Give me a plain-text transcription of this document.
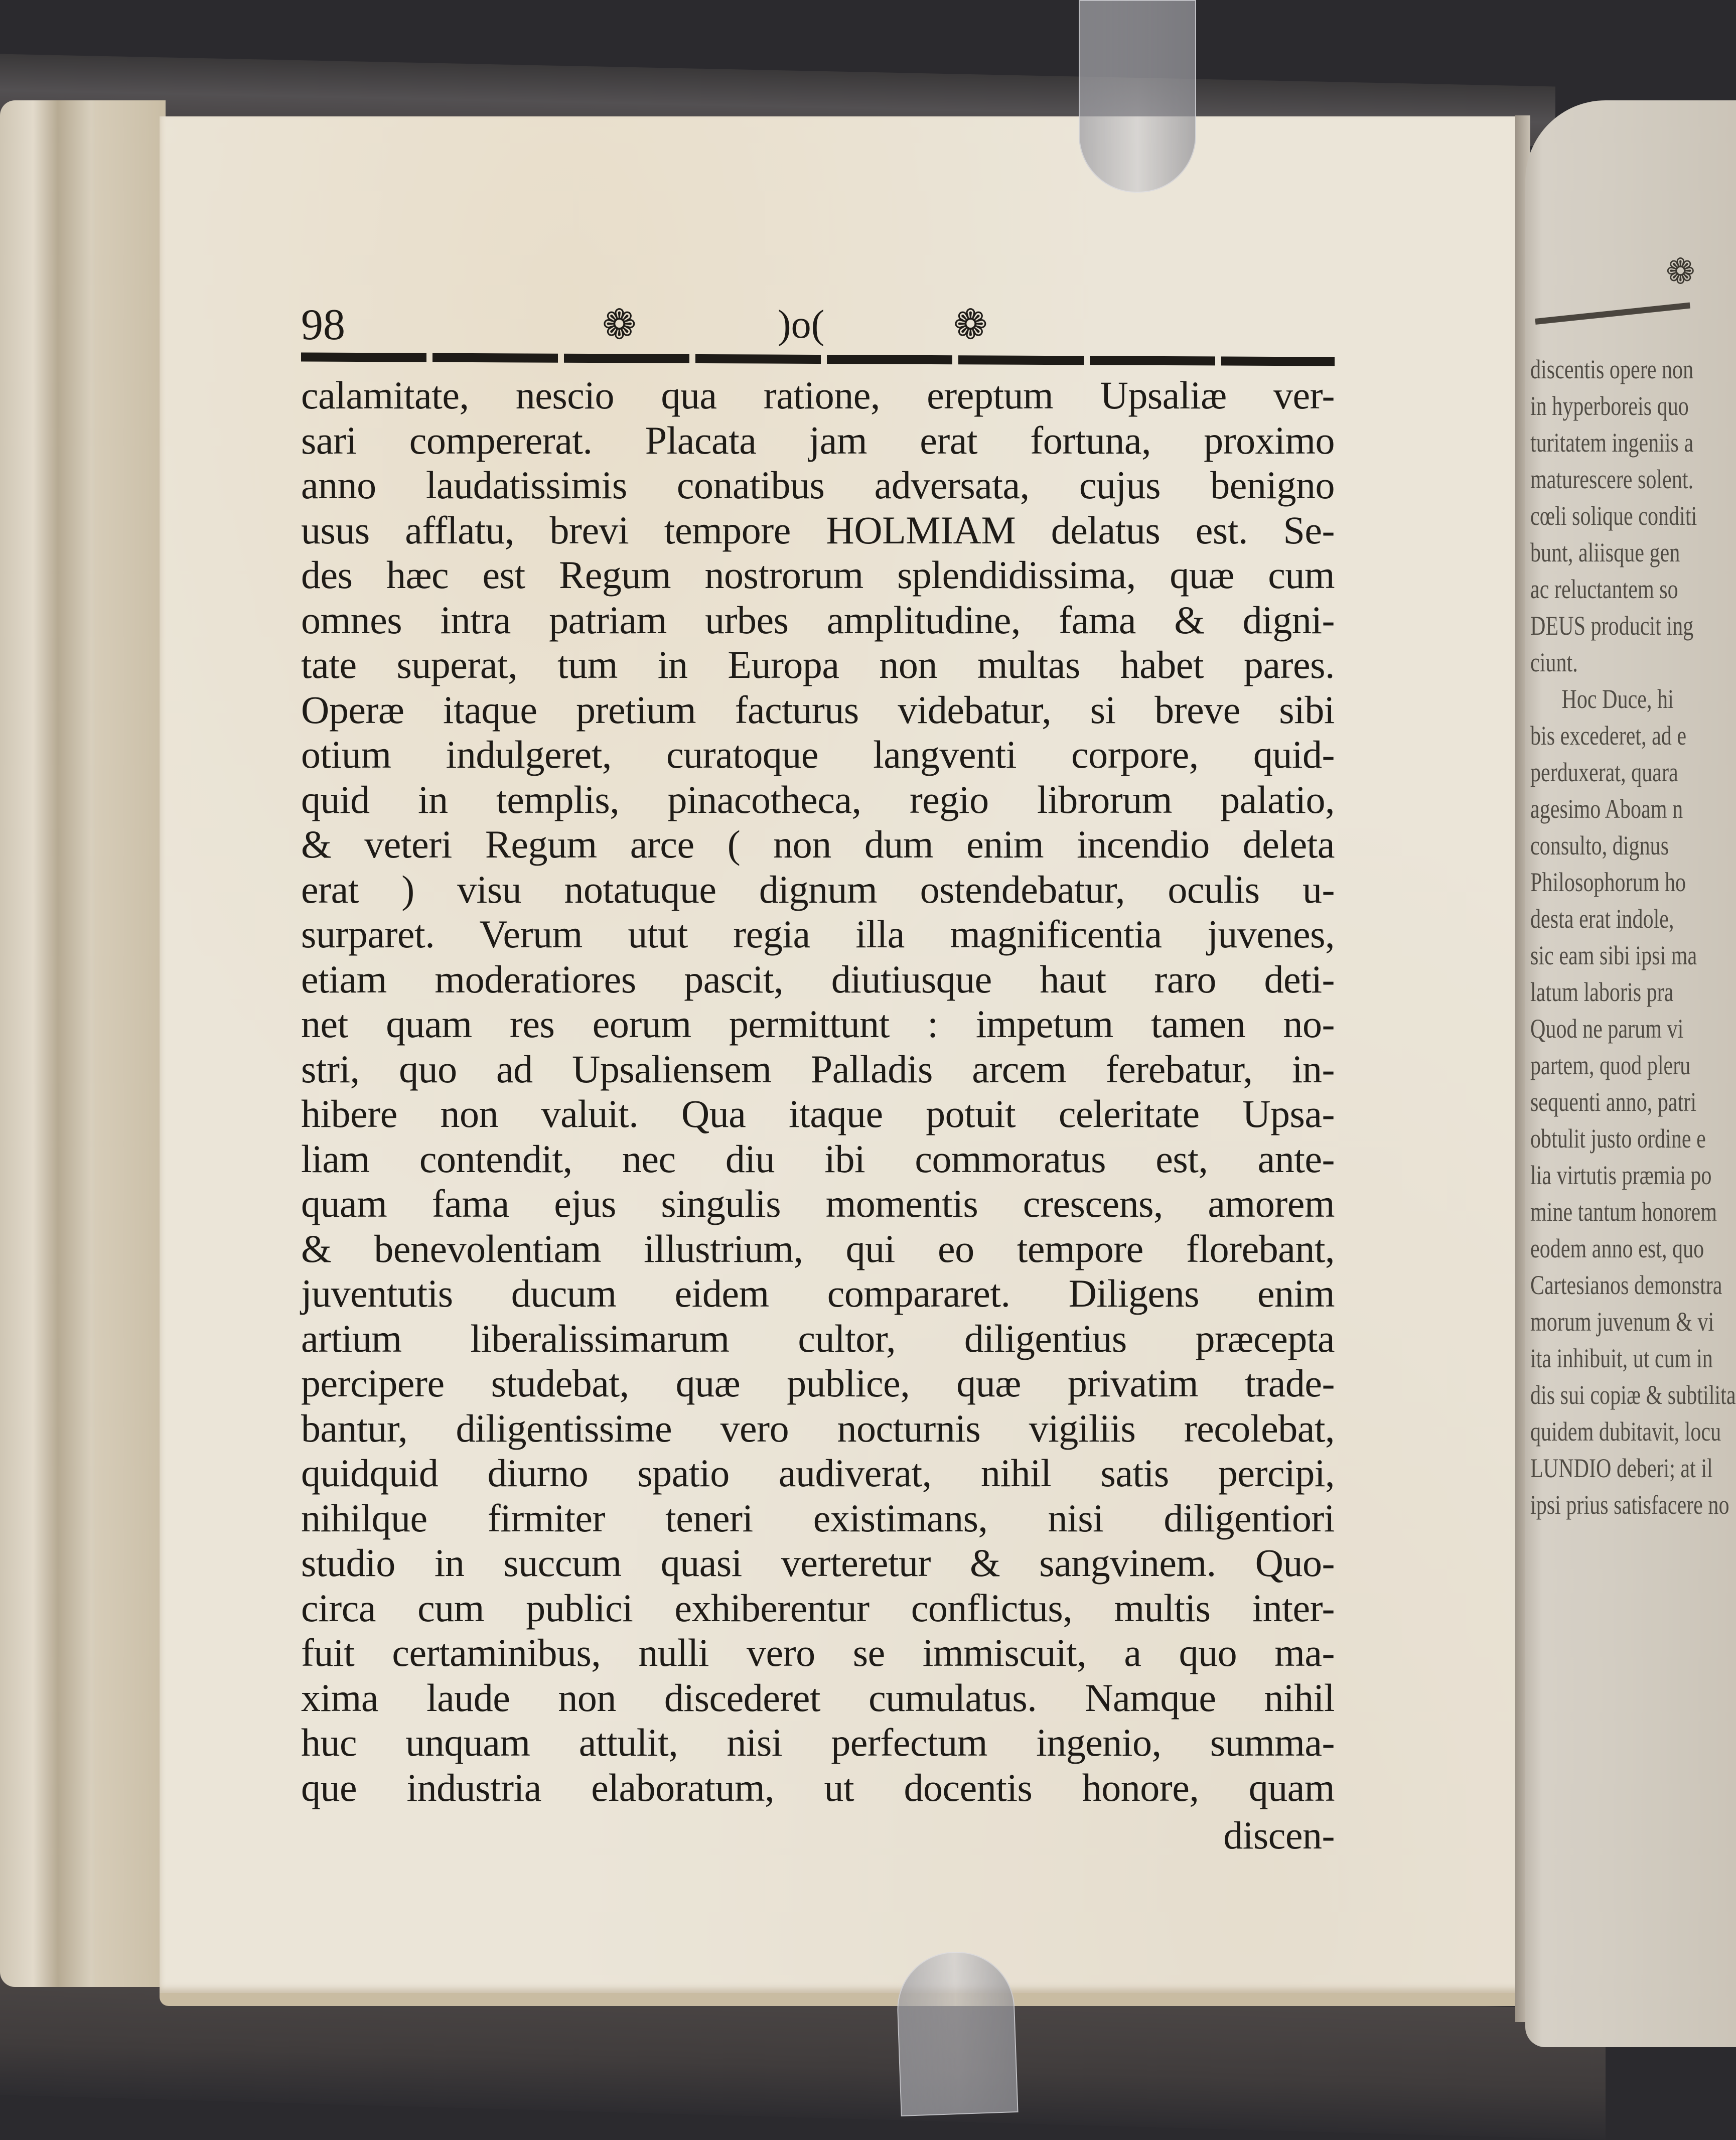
❁
discentis opere non
in hyperboreis quo
turitatem ingeniis a
maturescere solent.
cœli solique conditi
bunt, aliisque gen
ac reluctantem so
DEUS producit ing
ciunt.
Hoc Duce, hi
bis excederet, ad e
perduxerat, quara
agesimo Aboam n
consulto, dignus
Philosophorum ho
desta erat indole,
sic eam sibi ipsi ma
latum laboris pra
Quod ne parum vi
partem, quod pleru
sequenti anno, patri
obtulit justo ordine e
lia virtutis præmia po
mine tantum honorem
eodem anno est, quo
Cartesianos demonstra
morum juvenum & vi
ita inhibuit, ut cum in
dis sui copiæ & subtilita
quidem dubitavit, locu
LUNDIO deberi; at il
ipsi prius satisfacere no
98	❁	)o(	❁
calamitate, nescio qua ratione, ereptum Upsaliæ ver-
sari compererat. Placata jam erat fortuna, proximo
anno laudatissimis conatibus adversata, cujus benigno
usus afflatu, brevi tempore HOLMIAM delatus est. Se-
des hæc est Regum nostrorum splendidissima, quæ cum
omnes intra patriam urbes amplitudine, fama & digni-
tate superat, tum in Europa non multas habet pares.
Operæ itaque pretium facturus videbatur, si breve sibi
otium indulgeret, curatoque langventi corpore, quid-
quid in templis, pinacotheca, regio librorum palatio,
& veteri Regum arce ( non dum enim incendio deleta
erat ) visu notatuque dignum ostendebatur, oculis u-
surparet. Verum utut regia illa magnificentia juvenes,
etiam moderatiores pascit, diutiusque haut raro deti-
net quam res eorum permittunt : impetum tamen no-
stri, quo ad Upsaliensem Palladis arcem ferebatur, in-
hibere non valuit. Qua itaque potuit celeritate Upsa-
liam contendit, nec diu ibi commoratus est, ante-
quam fama ejus singulis momentis crescens, amorem
& benevolentiam illustrium, qui eo tempore florebant,
juventutis ducum eidem compararet. Diligens enim
artium liberalissimarum cultor, diligentius præcepta
percipere studebat, quæ publice, quæ privatim trade-
bantur, diligentissime vero nocturnis vigiliis recolebat,
quidquid diurno spatio audiverat, nihil satis percipi,
nihilque firmiter teneri existimans, nisi diligentiori
studio in succum quasi verteretur & sangvinem. Quo-
circa cum publici exhiberentur conflictus, multis inter-
fuit certaminibus, nulli vero se immiscuit, a quo ma-
xima laude non discederet cumulatus. Namque nihil
huc unquam attulit, nisi perfectum ingenio, summa-
que industria elaboratum, ut docentis honore, quam
discen-
